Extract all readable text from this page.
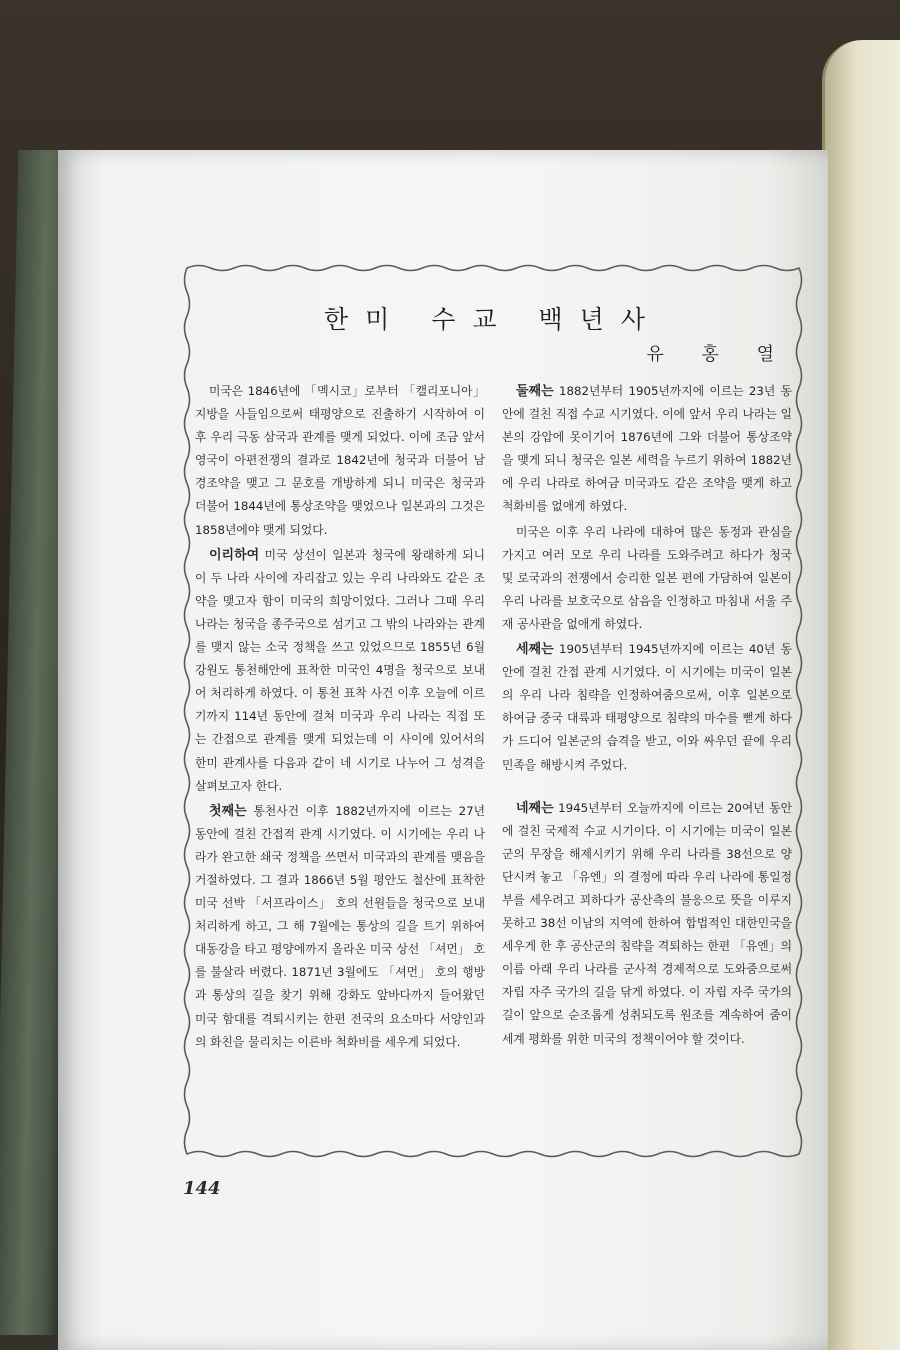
한미 수교 백년사
유 홍 열

미국은 1846년에 「멕시코」로부터 「캘리포니아」 지방을 사들임으로써 태평양으로 진출하기 시작하여 이후 우리 극동 삼국과 관계를 맺게 되었다. 이에 조금 앞서 영국이 아편전쟁의 결과로 1842년에 청국과 더불어 남경조약을 맺고 그 문호를 개방하게 되니 미국은 청국과 더불어 1844년에 통상조약을 맺었으나 일본과의 그것은 1858년에야 맺게 되었다.

이리하여 미국 상선이 일본과 청국에 왕래하게 되니 이 두 나라 사이에 자리잡고 있는 우리 나라와도 같은 조약을 맺고자 함이 미국의 희망이었다. 그러나 그때 우리 나라는 청국을 종주국으로 섬기고 그 밖의 나라와는 관계를 맺지 않는 소국 정책을 쓰고 있었으므로 1855년 6월 강원도 통천해안에 표착한 미국인 4명을 청국으로 보내어 처리하게 하였다. 이 통천 표착 사건 이후 오늘에 이르기까지 114년 동안에 걸쳐 미국과 우리 나라는 직접 또는 간접으로 관계를 맺게 되었는데 이 사이에 있어서의 한미 관계사를 다음과 같이 네 시기로 나누어 그 성격을 살펴보고자 한다.

첫째는 통천사건 이후 1882년까지에 이르는 27년 동안에 걸친 간접적 관계 시기였다. 이 시기에는 우리 나라가 완고한 쇄국 정책을 쓰면서 미국과의 관계를 맺음을 거절하였다. 그 결과 1866년 5월 평안도 철산에 표착한 미국 선박 「서프라이스」 호의 선원들을 청국으로 보내 처리하게 하고, 그 해 7월에는 통상의 길을 트기 위하여 대동강을 타고 평양에까지 올라온 미국 상선 「셔먼」 호를 불살라 버렸다. 1871년 3월에도 「셔먼」 호의 행방과 통상의 길을 찾기 위해 강화도 앞바다까지 들어왔던 미국 함대를 격퇴시키는 한편 전국의 요소마다 서양인과의 화친을 물리치는 이른바 척화비를 세우게 되었다.

둘째는 1882년부터 1905년까지에 이르는 23년 동안에 걸친 직접 수교 시기였다. 이에 앞서 우리 나라는 일본의 강압에 못이기어 1876년에 그와 더불어 통상조약을 맺게 되니 청국은 일본 세력을 누르기 위하여 1882년에 우리 나라로 하여금 미국과도 같은 조약을 맺게 하고 척화비를 없애게 하였다.

미국은 이후 우리 나라에 대하여 많은 동정과 관심을 가지고 여러 모로 우리 나라를 도와주려고 하다가 청국 및 로국과의 전쟁에서 승리한 일본 편에 가담하여 일본이 우리 나라를 보호국으로 삼음을 인정하고 마침내 서울 주재 공사관을 없애게 하였다.

세째는 1905년부터 1945년까지에 이르는 40년 동안에 걸친 간접 관계 시기였다. 이 시기에는 미국이 일본의 우리 나라 침략을 인정하여줌으로써, 이후 일본으로 하여금 중국 대륙과 태평양으로 침략의 마수를 뻗게 하다가 드디어 일본군의 습격을 받고, 이와 싸우던 끝에 우리 민족을 해방시켜 주었다.

네째는 1945년부터 오늘까지에 이르는 20여년 동안에 걸친 국제적 수교 시기이다. 이 시기에는 미국이 일본군의 무장을 해제시키기 위해 우리 나라를 38선으로 양단시켜 놓고 「유엔」의 결정에 따라 우리 나라에 통일정부를 세우려고 꾀하다가 공산측의 불응으로 뜻을 이루지 못하고 38선 이남의 지역에 한하여 합법적인 대한민국을 세우게 한 후 공산군의 침략을 격퇴하는 한편 「유엔」의 이름 아래 우리 나라를 군사적 경제적으로 도와줌으로써 자립 자주 국가의 길을 닦게 하였다. 이 자립 자주 국가의 길이 앞으로 순조롭게 성취되도록 원조를 계속하여 줌이 세계 평화를 위한 미국의 정책이어야 할 것이다.

144
